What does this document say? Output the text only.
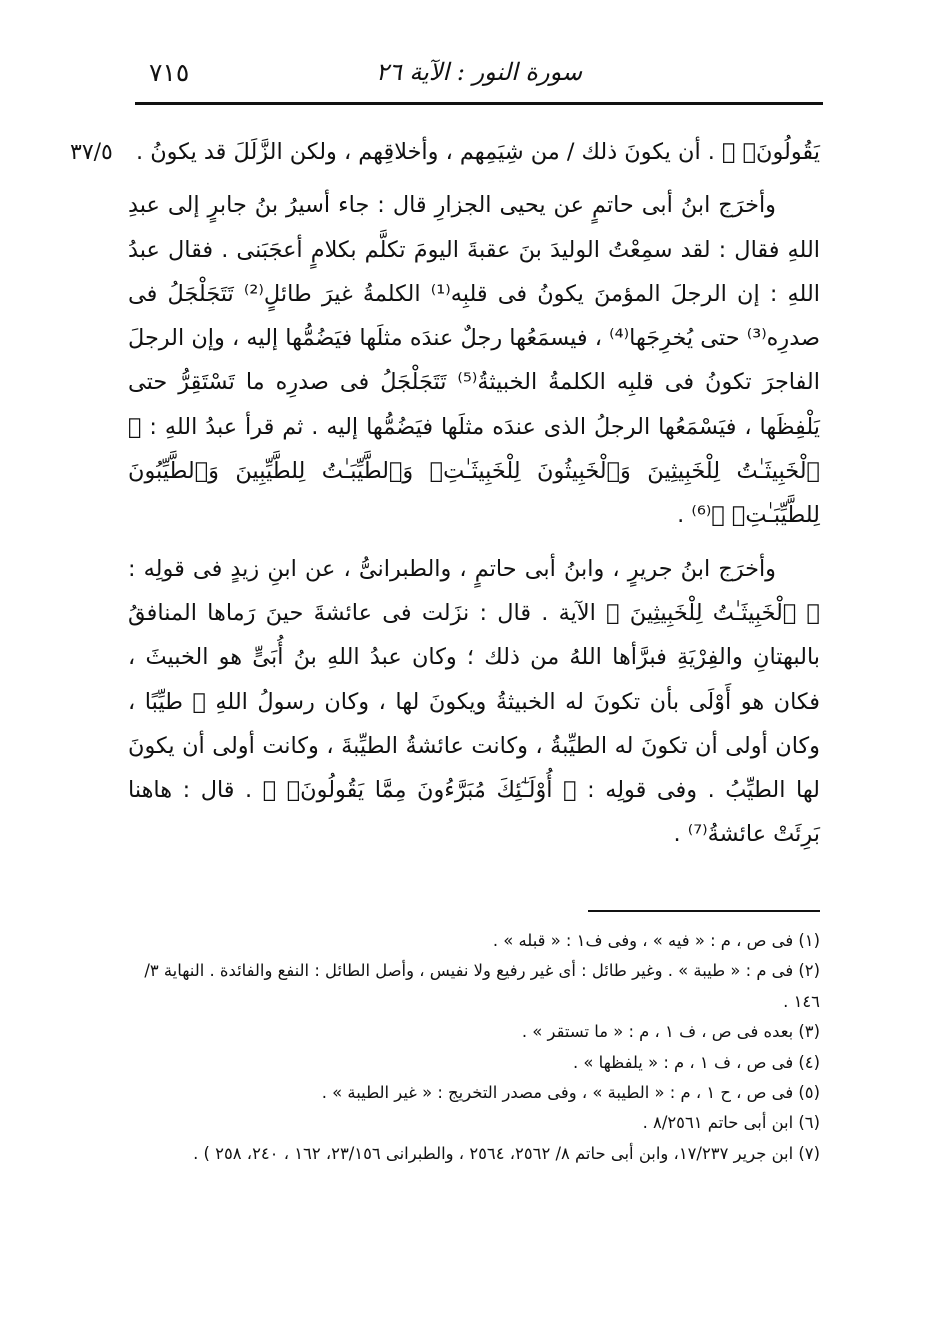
٧١٥	سورة النور : الآية ٢٦
٣٧/٥	يَقُولُونَۖ ﴾ . أن يكونَ ذلك / من شِيَمِهم ، وأخلاقِهم ، ولكن الزَّلَلَ قد يكونُ .

وأخرَج ابنُ أبى حاتمٍ عن يحيى الجزارِ قال : جاء أسيرُ بنُ جابرٍ إلى عبدِ اللهِ فقال : لقد سمِعْتُ الوليدَ بنَ عقبةَ اليومَ تكلَّم بكلامٍ أعجَبَنى . فقال عبدُ اللهِ : إن الرجلَ المؤمنَ يكونُ فى قلبِه⁽¹⁾ الكلمةُ غيرَ طائلٍ⁽²⁾ تَتَجَلْجَلُ فى صدرِه⁽³⁾ حتى يُخرِجَها⁽⁴⁾ ، فيسمَعُها رجلٌ عندَه مثلَها فيَضُمُّها إليه ، وإن الرجلَ الفاجرَ تكونُ فى قلبِه الكلمةُ الخبيثةُ⁽⁵⁾ تَتَجَلْجَلُ فى صدرِه ما تَسْتَقِرُّ حتى يَلْفِظَها ، فيَسْمَعُها الرجلُ الذى عندَه مثلَها فيَضُمُّها إليه . ثم قرأ عبدُ اللهِ : ﴿ ٱلْخَبِيثَـٰتُ لِلْخَبِيثِينَ وَٱلْخَبِيثُونَ لِلْخَبِيثَـٰتِۖ وَٱلطَّيِّبَـٰتُ لِلطَّيِّبِينَ وَٱلطَّيِّبُونَ لِلطَّيِّبَـٰتِۚ ﴾⁽⁶⁾ .

وأخرَج ابنُ جريرٍ ، وابنُ أبى حاتمٍ ، والطبرانىُّ ، عن ابنِ زيدٍ فى قولِه : ﴿ ٱلْخَبِيثَـٰتُ لِلْخَبِيثِينَ ﴾ الآية . قال : نزَلت فى عائشةَ حينَ رَماها المنافقُ بالبهتانِ والفِرْيَةِ فبرَّأها اللهُ من ذلك ؛ وكان عبدُ اللهِ بنُ أُبَىٍّ هو الخبيثَ ، فكان هو أَوْلَى بأن تكونَ له الخبيثةُ ويكونَ لها ، وكان رسولُ اللهِ ﷺ طيِّبًا ، وكان أولى أن تكونَ له الطيِّبةُ ، وكانت عائشةُ الطيِّبةَ ، وكانت أولى أن يكونَ لها الطيِّبُ . وفى قولِه : ﴿ أُوْلَـٰٓئِكَ مُبَرَّءُونَ مِمَّا يَقُولُونَۖ ﴾ . قال : هاهنا بَرِئَتْ عائشةُ⁽⁷⁾ .

(١) فى ص ، م : « فيه » ، وفى ف١ : « قبله » .

(٢) فى م : « طيبة » . وغير طائل : أى غير رفيع ولا نفيس ، وأصل الطائل : النفع والفائدة . النهاية ٣/ ١٤٦ .

(٣) بعده فى ص ، ف ١ ، م : « ما تستقر » .

(٤) فى ص ، ف ١ ، م : « يلفظها » .

(٥) فى ص ، ح ١ ، م : « الطيبة » ، وفى مصدر التخريج : « غير الطيبة » .

(٦) ابن أبى حاتم ٨/٢٥٦١ .

(٧) ابن جرير ١٧/٢٣٧، وابن أبى حاتم ٨/ ٢٥٦٢، ٢٥٦٤ ، والطبرانى ٢٣/١٥٦، ١٦٢ ، ٢٤٠، ٢٥٨ ) .
